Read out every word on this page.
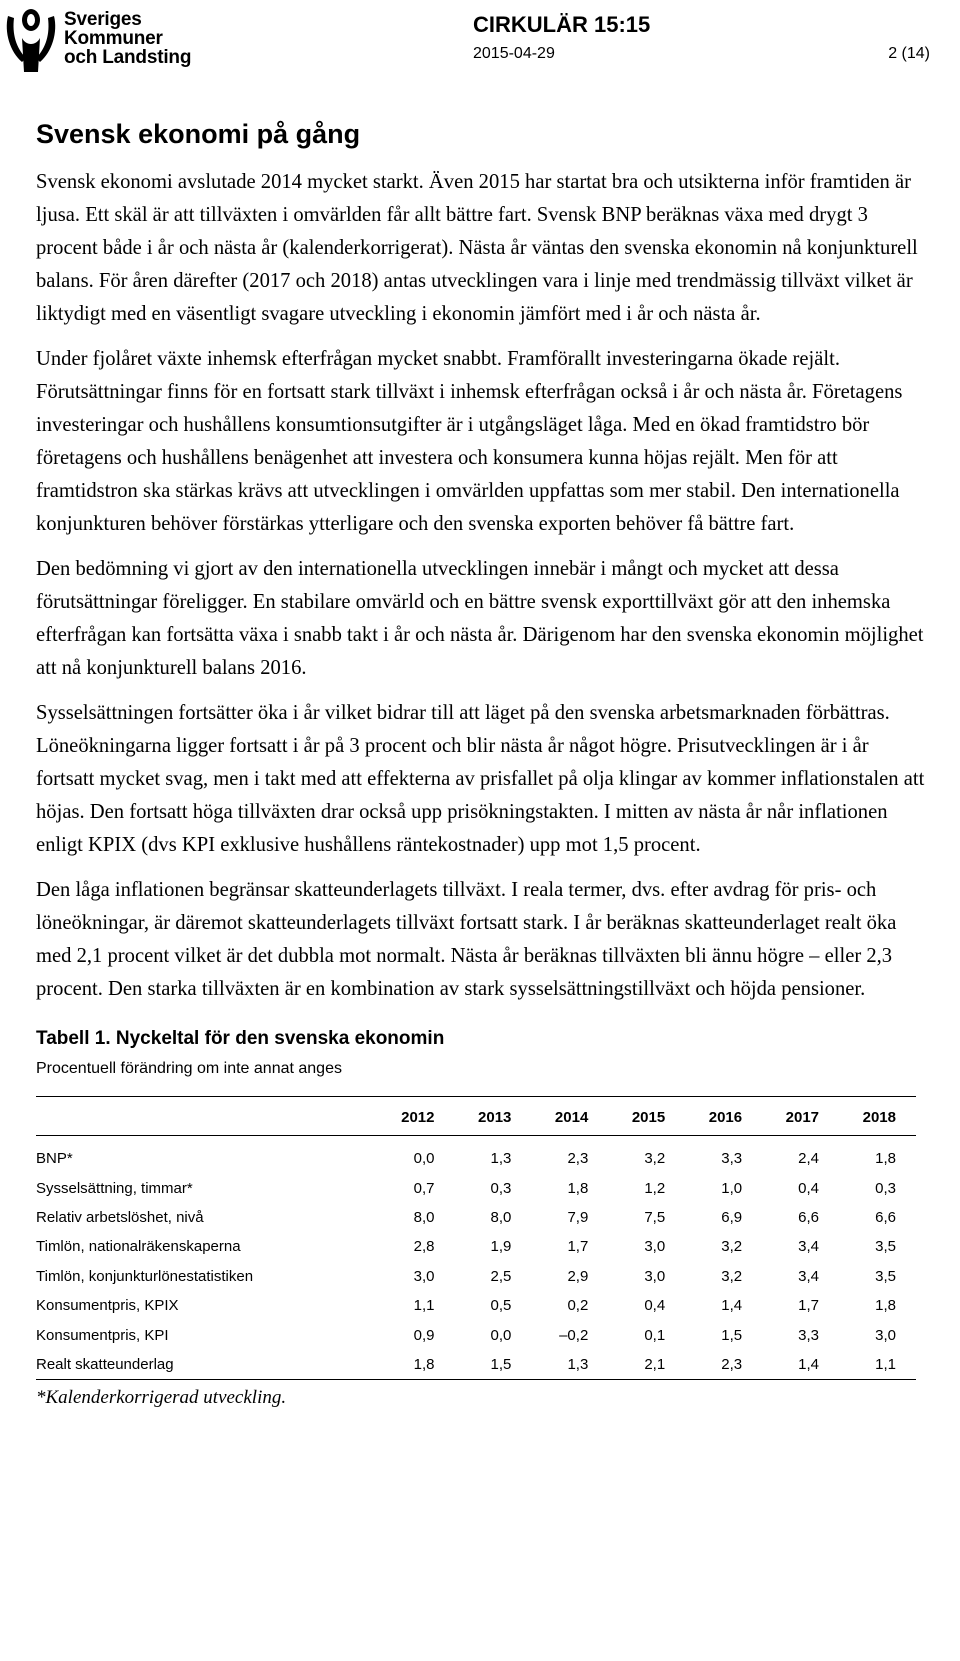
Sveriges
Kommuner
och Landsting
CIRKULÄR 15:15
2015-04-29	2 (14)
Svensk ekonomi på gång

Svensk ekonomi avslutade 2014 mycket starkt. Även 2015 har startat bra och utsikterna inför framtiden är ljusa. Ett skäl är att tillväxten i omvärlden får allt bättre fart. Svensk BNP beräknas växa med drygt 3 procent både i år och nästa år (kalenderkorrigerat). Nästa år väntas den svenska ekonomin nå konjunkturell balans. För åren därefter (2017 och 2018) antas utvecklingen vara i linje med trendmässig tillväxt vilket är liktydigt med en väsentligt svagare utveckling i ekonomin jämfört med i år och nästa år.

Under fjolåret växte inhemsk efterfrågan mycket snabbt. Framförallt investeringarna ökade rejält. Förutsättningar finns för en fortsatt stark tillväxt i inhemsk efterfrågan också i år och nästa år. Företagens investeringar och hushållens konsumtionsutgifter är i utgångsläget låga. Med en ökad framtidstro bör företagens och hushållens benägenhet att investera och konsumera kunna höjas rejält. Men för att framtidstron ska stärkas krävs att utvecklingen i omvärlden uppfattas som mer stabil. Den internationella konjunkturen behöver förstärkas ytterligare och den svenska exporten behöver få bättre fart.

Den bedömning vi gjort av den internationella utvecklingen innebär i mångt och mycket att dessa förutsättningar föreligger. En stabilare omvärld och en bättre svensk exporttillväxt gör att den inhemska efterfrågan kan fortsätta växa i snabb takt i år och nästa år. Därigenom har den svenska ekonomin möjlighet att nå konjunkturell balans 2016.

Sysselsättningen fortsätter öka i år vilket bidrar till att läget på den svenska arbetsmarknaden förbättras. Löneökningarna ligger fortsatt i år på 3 procent och blir nästa år något högre. Prisutvecklingen är i år fortsatt mycket svag, men i takt med att effekterna av prisfallet på olja klingar av kommer inflationstalen att höjas. Den fortsatt höga tillväxten drar också upp prisökningstakten. I mitten av nästa år når inflationen enligt KPIX (dvs KPI exklusive hushållens räntekostnader) upp mot 1,5 procent.

Den låga inflationen begränsar skatteunderlagets tillväxt. I reala termer, dvs. efter avdrag för pris- och löneökningar, är däremot skatteunderlagets tillväxt fortsatt stark. I år beräknas skatteunderlaget realt öka med 2,1 procent vilket är det dubbla mot normalt. Nästa år beräknas tillväxten bli ännu högre – eller 2,3 procent. Den starka tillväxten är en kombination av stark sysselsättningstillväxt och höjda pensioner.

Tabell 1. Nyckeltal för den svenska ekonomin
Procentuell förändring om inte annat anges
	2012	2013	2014	2015	2016	2017	2018
BNP*	0,0	1,3	2,3	3,2	3,3	2,4	1,8
Sysselsättning, timmar*	0,7	0,3	1,8	1,2	1,0	0,4	0,3
Relativ arbetslöshet, nivå	8,0	8,0	7,9	7,5	6,9	6,6	6,6
Timlön, nationalräkenskaperna	2,8	1,9	1,7	3,0	3,2	3,4	3,5
Timlön, konjunkturlönestatistiken	3,0	2,5	2,9	3,0	3,2	3,4	3,5
Konsumentpris, KPIX	1,1	0,5	0,2	0,4	1,4	1,7	1,8
Konsumentpris, KPI	0,9	0,0	–0,2	0,1	1,5	3,3	3,0
Realt skatteunderlag	1,8	1,5	1,3	2,1	2,3	1,4	1,1
*Kalenderkorrigerad utveckling.
